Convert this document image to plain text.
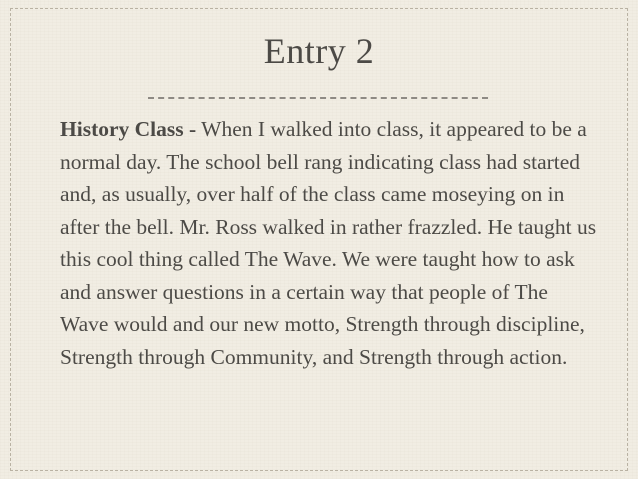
Entry 2
History Class - When I walked into class, it appeared to be a normal day. The school bell rang indicating class had started and, as usually, over half of the class came moseying on in after the bell. Mr. Ross walked in rather frazzled. He taught us this cool thing called The Wave. We were taught how to ask and answer questions in a certain way that people of The Wave would and our new motto, Strength through discipline, Strength through Community, and Strength through action.
